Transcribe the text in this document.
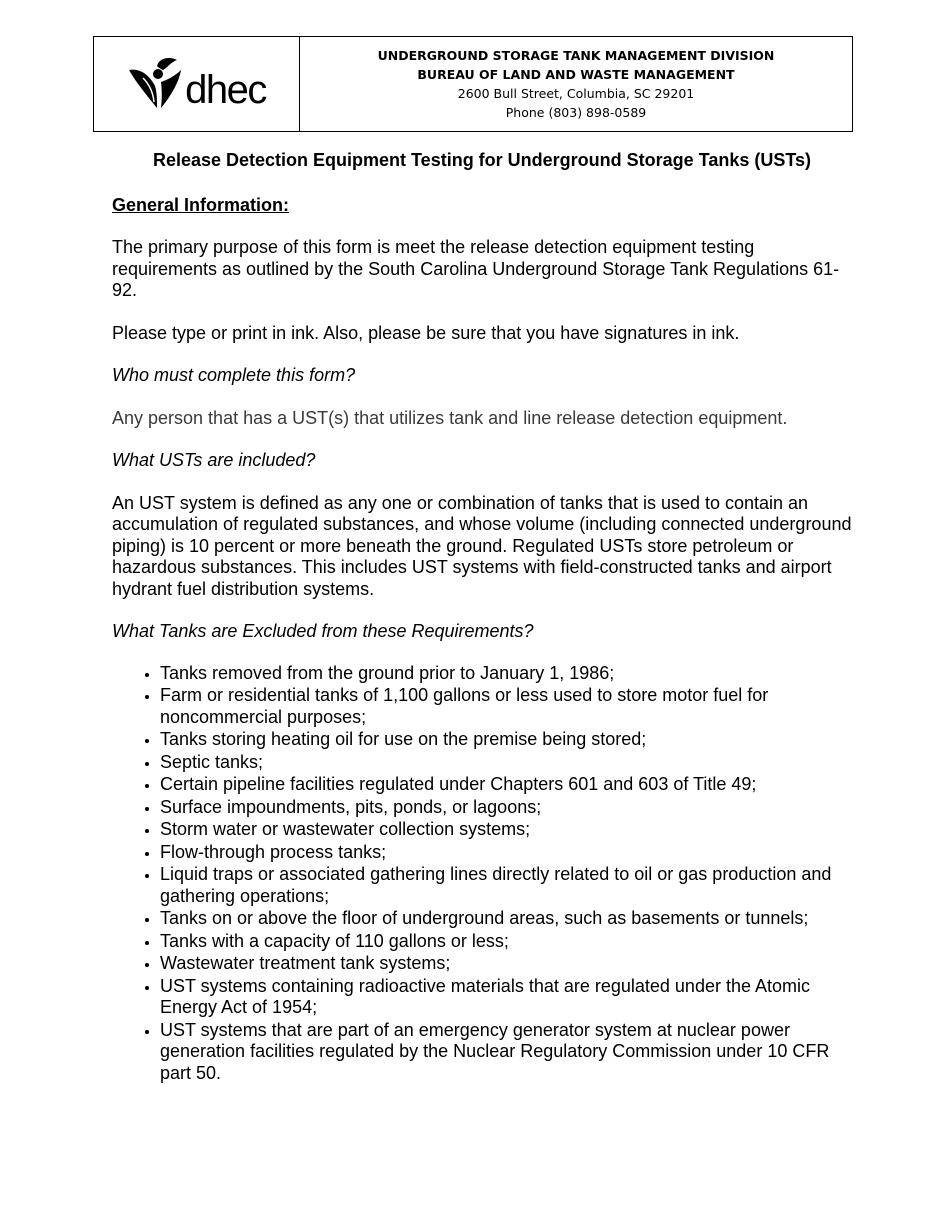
dhec
UNDERGROUND STORAGE TANK MANAGEMENT DIVISION
BUREAU OF LAND AND WASTE MANAGEMENT
2600 Bull Street, Columbia, SC 29201
Phone (803) 898-0589
Release Detection Equipment Testing for Underground Storage Tanks (USTs)
General Information:

The primary purpose of this form is meet the release detection equipment testing requirements as outlined by the South Carolina Underground Storage Tank Regulations 61-92.

Please type or print in ink. Also, please be sure that you have signatures in ink.

Who must complete this form?

Any person that has a UST(s) that utilizes tank and line release detection equipment.

What USTs are included?

An UST system is defined as any one or combination of tanks that is used to contain an accumulation of regulated substances, and whose volume (including connected underground piping) is 10 percent or more beneath the ground. Regulated USTs store petroleum or hazardous substances. This includes UST systems with field-constructed tanks and airport hydrant fuel distribution systems.

What Tanks are Excluded from these Requirements?

• Tanks removed from the ground prior to January 1, 1986;
• Farm or residential tanks of 1,100 gallons or less used to store motor fuel for noncommercial purposes;
• Tanks storing heating oil for use on the premise being stored;
• Septic tanks;
• Certain pipeline facilities regulated under Chapters 601 and 603 of Title 49;
• Surface impoundments, pits, ponds, or lagoons;
• Storm water or wastewater collection systems;
• Flow-through process tanks;
• Liquid traps or associated gathering lines directly related to oil or gas production and gathering operations;
• Tanks on or above the floor of underground areas, such as basements or tunnels;
• Tanks with a capacity of 110 gallons or less;
• Wastewater treatment tank systems;
• UST systems containing radioactive materials that are regulated under the Atomic Energy Act of 1954;
• UST systems that are part of an emergency generator system at nuclear power generation facilities regulated by the Nuclear Regulatory Commission under 10 CFR part 50.
